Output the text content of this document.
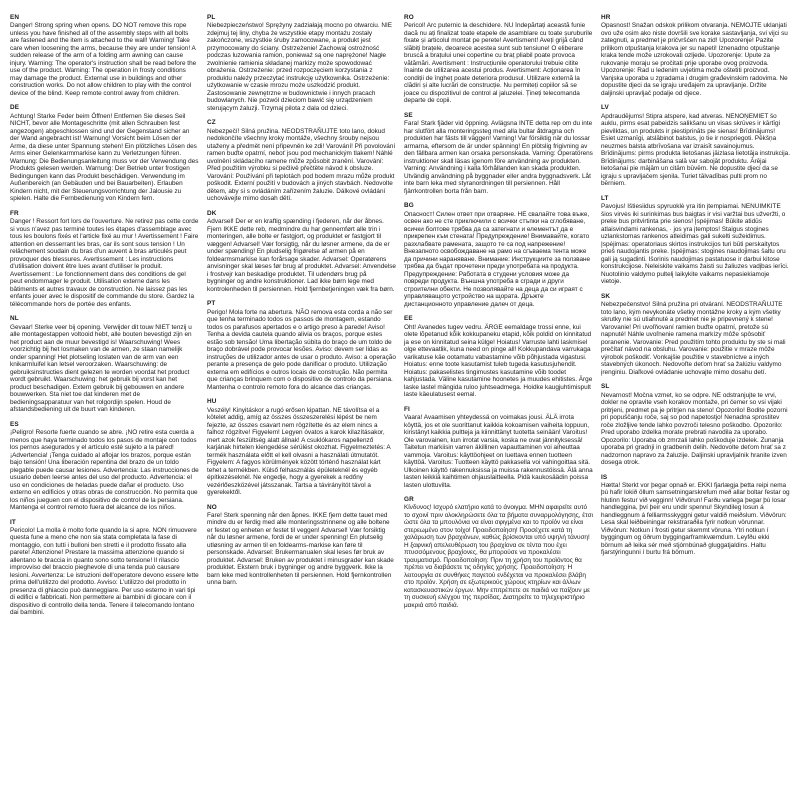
EN
Danger! Strong spring when opens. DO NOT remove this rope unless you have finished all of the assembly steps with all bolts are fastened and the item is attached to the wall! Warning! Take care when loosening the arms, because they are under tension! A sudden release of the arm of a folding arm awning can cause injury. Warning: The operator's instruction shall be read before the use of the product. Warning: The operation in frosty conditions may damage the product. External use in buildings and other construction works. Do not allow children to play with the control device of the blind. Keep remote control away from children.
DE
Achtung! Starke Feder beim Öffnen! Entfernen Sie dieses Seil NICHT, bevor alle Montageschritte (mit allen Schrauben fest angezogen) abgeschlossen sind und der Gegenstand sicher an der Wand angebracht ist! Warnung! Vorsicht beim Lösen der Arme, da diese unter Spannung stehen! Ein plötzliches Lösen des Arms einer Gelenkarmmarkise kann zu Verletzungen führen. Warnung: Die Bedienungsanleitung muss vor der Verwendung des Produkts gelesen werden. Warnung: Der Betrieb unter frostigen Bedingungen kann das Produkt beschädigen. Verwendung im Außenbereich (an Gebäuden und bei Bauarbeiten). Erlauben Kindern nicht, mit der Steuerungsvorrichtung der Jalousie zu spielen. Halte die Fernbedienung von Kindern fern.
FR
Danger ! Ressort fort lors de l'ouverture. Ne retirez pas cette corde si vous n'avez pas terminé toutes les étapes d'assemblage avec tous les boulons fixés et l'article fixé au mur ! Avertissement ! Faire attention en desserrant les bras, car ils sont sous tension ! Un relâchement soudain du bras d'un auvent à bras articulés peut provoquer des blessures. Avertissement : Les instructions d'utilisation doivent être lues avant d'utiliser le produit. Avertissement : Le fonctionnement dans des conditions de gel peut endommager le produit. Utilisation externe dans les bâtiments et autres travaux de construction. Ne laissez pas les enfants jouer avec le dispositif de commande du store. Gardez la télécommande hors de portée des enfants.
NL
Gevaar! Sterke veer bij opening. Verwijder dit touw NIET tenzij u alle montagestappen voltooid hebt, alle bouten bevestigd zijn en het product aan de muur bevestigd is! Waarschuwing! Wees voorzichtig bij het losmaken van de armen, ze staan namelijk onder spanning! Het plotseling loslaten van de arm van een knikarmluifel kan letsel veroorzaken. Waarschuwing: de gebruiksinstructies dient gelezen te worden voordat het product wordt gebruikt. Waarschuwing: het gebruik bij vorst kan het product beschadigen. Extern gebruik bij gebouwen en andere bouwwerken. Sta niet toe dat kinderen met de bedieningsapparatuur van het rolgordijn spelen. Houd de afstandsbediening uit de buurt van kinderen.
ES
¡Peligro! Resorte fuerte cuando se abre. ¡NO retire esta cuerda a menos que haya terminado todos los pasos de montaje con todos los pernos asegurados y el artículo esté sujeto a la pared! ¡Advertencia! ¡Tenga cuidado al aflojar los brazos, porque están bajo tensión! Una liberación repentina del brazo de un toldo plegable puede causar lesiones. Advertencia: Las instrucciones de usuario deben leerse antes del uso del producto. Advertencia: el uso en condiciones de heladas puede dañar el producto. Uso externo en edificios y otras obras de construcción. No permita que los niños jueguen con el dispositivo de control de la persiana. Mantenga el control remoto fuera del alcance de los niños.
IT
Pericolo! La molla è molto forte quando la si apre. NON rimuovere questa fune a meno che non sia stata completata la fase di montaggio, con tutti i bulloni ben stretti e il prodotto fissato alla parete! Attenzione! Prestare la massima attenzione quando si allentano le braccia in quanto sono sotto tensione! Il rilascio improvviso del braccio pieghevole di una tenda può causare lesioni. Avvertenza: Le istruzioni dell'operatore devono essere lette prima dell'utilizzo del prodotto. Avviso: L'utilizzo del prodotto in presenza di ghiaccio può danneggiare. Per uso esterno in vari tipi di edifici e fabbricati. Non permettere ai bambini di giocare con il dispositivo di controllo della tenda. Tenere il telecomando lontano dai bambini.
PL
Niebezpieczeństwo! Sprężyny zadziałają mocno po otwarciu. NIE zdejmuj tej liny, chyba że wszystkie etapy montażu zostały zakończone, wszystkie śruby zamocowane, a produkt jest przymocowany do ściany. Ostrzeżenie! Zachowaj ostrożność podczas luzowania ramion, ponieważ są one naprężone! Nagłe zwolnienie ramienia składanej markizy może spowodować obrażenia. Ostrzeżenie: przed rozpoczęciem korzystania z produktu należy przeczytać instrukcję użytkownika. Ostrzeżenie: użytkowanie w czasie mrozu może uszkodzić produkt. Zastosowanie zewnętrzne w budownictwie i innych pracach budowlanych. Nie pozwól dzieciom bawić się urządzeniem sterującym żaluzji. Trzymaj pilota z dala od dzieci.
CZ
Nebezpečí! Silná pružina. NEODSTRAŇUJTE toto lano, dokud nedokončíte všechny kroky montáže, všechny šrouby nejsou utaženy a předmět není připevněn ke zdi! Varování! Při povolování ramen buďte opatrní, neboť jsou pod mechanickým tlakem! Náhlé uvolnění skládacího ramene může způsobit zranění. Varování: Před použitím výrobku si pečlivě přečtěte návod k obsluze. Varování: Používání při teplotách pod bodem mrazu může produkt poškodit. Externí použití v budovách a jiných stavbách. Nedovolte dětem, aby si s ovládáním zařízením žaluzie. Dálkové ovládání uchovávejte mimo dosah dětí.
DK
Advarsel! Der er en kraftig spænding i fjederen, når der åbnes. Fjern IKKE dette reb, medmindre du har gennemført alle trin i monteringen, alle bolte er fastgjort, og produktet er fastgjort til væggen! Advarsel! Vær forsigtig, når du løsner armene, da de er under spænding! En pludselig frigørelse af armen på en foldearmsmarkise kan forårsage skader. Advarsel: Operatørens anvisninger skal læses før brug af produktet. Advarsel: Anvendelse i frostvejr kan beskadige produktet. Til udendørs brug på bygninger og andre konstruktioner. Lad ikke børn lege med kontrolenheden til persiennen. Hold fjernbetjeningen væk fra børn.
PT
Perigo! Mola forte na abertura. NÃO remova esta corda a não ser que tenha terminado todos os passos de montagem, estando todos os parafusos apertados e o artigo preso à parede! Aviso! Tenha a devida cautela quando alivia os braços, porque estes estão sob tensão! Uma libertação súbita do braço de um toldo de braço dobrável pode provocar lesões. Aviso: devem ser lidas as instruções de utilizador antes de usar o produto. Aviso: a operação perante a presença de gelo pode danificar o produto. Utilização externa em edifícios e outros locais de construção. Não permita que crianças brinquem com o dispositivo de controlo da persiana. Mantenha o controlo remoto fora do alcance das crianças.
HU
Veszély! Kinyitáskor a rugó erősen kipattan. NE távolítsa el a kötelet addig, amíg az összes összeszerelési lépést be nem fejezte, az összes csavart nem rögzítette és az elem nincs a falhoz rögzítve! Figyelem! Legyen óvatos a karok kilazításakor, mert azok feszültség alatt állnak! A csuklókaros napellenző karjának hirtelen kiengedése sérülést okozhat. Figyelmeztetés: A termék használata előtt el kell olvasni a használati útmutatót. Figyelem: A fagyos körülmények között történő használat kárt tehet a termékben. Külső felhasználás épületeknél és egyéb építkezéseknél. Ne engedje, hogy a gyerekek a redőny vezérlőeszközével játsszanak. Tartsa a távirányítót távol a gyerekektől.
NO
Fare! Sterk spenning når den åpnes. IKKE fjern dette tauet med mindre du er ferdig med alle monteringsstrinnene og alle boltene er festet og enheten er festet til veggen! Advarsel! Vær forsiktig når du løsner armene, fordi de er under spenning! En plutselig utløsning av armen til en foldearms-markise kan føre til personskade. Advarsel: Brukermanualen skal leses før bruk av produktet. Advarsel: Bruken av produktet i minusgrader kan skade produktet. Ekstern bruk i bygninger og andre byggverk. Ikke la barn leke med kontrollenheten til persiennen. Hold fjernkontrollen unna barn.
RO
Pericol! Arc puternic la deschidere. NU îndepărtați această funie dacă nu ați finalizat toate etapele de asamblare cu toate șuruburile fixate și articolul montat pe perete! Avertisment! Aveți grijă când slăbiți brațele, deoarece acestea sunt sub tensiune! O eliberare bruscă a brațului unei copertine cu braț pliabil poate provoca vătămări. Avertisment : Instrucțiunile operatorului trebuie citite înainte de utilizarea acestui produs. Avertisment: Acționarea în condiții de îngheț poate deteriora produsul. Utilizare externă la clădiri și alte lucrări de construcție. Nu permiteți copiilor să se joace cu dispozitivul de control al jaluzelei. Țineți telecomanda departe de copii.
SE
Fara! Stark fjäder vid öppning. Avlägsna INTE detta rep om du inte har slutfört alla monteringssteg med alla bultar åtdragna och produkten har fästs till väggen! Varning! Var försiktig när du lossar armarna, eftersom de är under spänning! En plötslig frigivning av den fällbara armen kan orsaka personskada. Varning: Operatörens instruktioner skall läsas igenom före användning av produkten. Varning: Användning i kalla förhållanden kan skada produkten. Utvändig användning på byggnader eller andra byggnadsverk. Låt inte barn leka med styranordningen till persiennen. Håll fjärrkontrollen borta från barn.
BG
Опасност! Силен ответ при отваряне. НЕ свалайте това въже, освен ако не сте приключили с всички стъпки на сглобяване, всички болтове трябва да са затегнати и елементът да е прикрепен към стената! Предупреждение! Внимавайте, когато разхлабвате рамената, защото те са под напрежение! Внезапното освобождаване на рамо на сгъваема тента може да причини нараняване. Внимание: Инструкциите за ползване трябва да бъдат прочетени преди употребата на продукта. Предупреждение: Работата в студени условия може да повреди продукта. Външна употреба в сгради и други строителни обекти. Не позволявайте на деца да си играят с управляващото устройство на щората. Дръжте дистанционното управление далеч от деца.
EE
Oht! Avanedes tugev vedru. ÄRGE eemaldage trossi enne, kui olete lõpetanud kõik kokkupaneku etapid, kõik poldid on kinnitatud ja ese on kinnitatud seina külge! Hoiatus! Varruste lahti laskmisel olge ettevaatlik, kuna need on pinge all! Kokkupandava varrukaga varikatuse käe ootamatu vabastamine võib põhjustada vigastusi. Hoiatus: enne toote kasutamist tuleb tugeda kasutusjuhendit. Hoiatus: pakaselistes tingimustes kasutamine võib toodet kahjustada. Väline kasutamine hoonetes ja muudes ehitistes. Ärge laske lastel mängida ruloo juhtseadmega. Hoidke kaugjuhtimispult laste käeulatusest eemal.
FI
Vaara! Avaamisen yhteydessä on voimakas jousi. ÄLÄ irrota köyttä, jos et ole suorittanut kaikkia kokoamisen vaiheita loppuun, kiristänyt kaikkia pultteja ja kiinnittänyt tuotetta seinään! Varoitus! Ole varovainen, kun irrotat varsia, koska ne ovat jännityksessä! Taitetun markiisin varren äkillinen vapauttaminen voi aiheuttaa vammoja. Varoitus: käyttöohjeet on luettava ennen tuotteen käyttöä. Varoitus: Tuotteen käyttö pakkasella voi vahingoittaa sitä. Ulkoinen käyttö rakennuksissa ja muissa rakennustöissä. Älä anna lasten leikkiä kaihtimen ohjauslaitteella. Pidä kaukosäädin poissa lasten ulottuvilta.
GR
Κίνδυνος! Ισχυρό ελατήριο κατά το άνοιγμα. ΜΗΝ αφαιρείτε αυτό το σχοινί πριν ολοκληρώσετε όλα τα βήματα συναρμολόγησης, έτσι ώστε όλα τα μπουλόνια να είναι σφιγμένα και το προϊόν να είναι στερεωμένο στον τοίχο! Προειδοποίηση! Προσέχετε κατά τη χαλάρωση των βραχιόνων, καθώς βρίσκονται υπό υψηλή τάνυση! Η ξαφνική απελευθέρωση του βραχίονα σε τέντα που έχει πτυσσόμενους βραχίονες, θα μπορούσε να προκαλέσει τραυματισμό. Προειδοποίηση: Πριν τη χρήση του προϊόντος θα πρέπει να διαβάσετε τις οδηγίες χρήσης. Προειδοποίηση: Η λειτουργία σε συνθήκες παγετού ενδέχεται να προκαλέσει βλάβη στο προϊόν. Χρήση σε εξωτερικούς χώρους κτηρίων και άλλων κατασκευαστικών έργων. Μην επιτρέπετε σε παιδιά να παίζουν με τη συσκευή ελέγχου της περσίδας. Διατηρείτε το τηλεχειριστήριο μακριά από παιδιά.
HR
Opasnost! Snažan odskok prilikom otvaranja. NEMOJTE uklanjati ovo uže osim ako niste dovršili sve korake sastavljanja, svi vijci su zategnuti, a predmet je pričvršćen na zid! Upozorenje! Pazite prilikom otpuštanja krakova jer su napeti! Iznenadno otpuštanje kraka tende može uzrokovati ozljede. Upozorenje: Upute za rukovanje moraju se pročitati prije uporabe ovog proizvoda. Upozorenje: Rad u ledenim uvjetima može oštetiti proizvod. Vanjska uporaba u zgradama i drugim građevinskim radovima. Ne dopustite djeci da se igraju uređajem za upravljanje. Držite daljinski upravljač podalje od djece.
LV
Apdraudējums! Stipra atspere, kad atveras. NENOŅEMIET šo auklu, pirms esat pabeidzis salikšanu un visas skrūves ir kārtīgi pievilktas, un produkts ir piestiprināts pie sienas! Brīdinājums! Esiet uzmanīgi, atslābinot balstus, jo tie ir nospriegoti. Pēkšņa neuzmes balsta atbrīvošana var izraisīt savainojumus. Brīdinājums: pirms produkta lietošanas jāizlasa lietotāja instrukcija. Brīdinājums: darbināšana salā var sabojāt produktu. Ārējai lietošanai pie mājām un citām būvēm. Ne dopustite djeci da se igraju s upravljačem sjenila. Turiet tālvadības pulti prom no bērniem.
LT
Pavojus! Ištiesiidus spyruoklė yra itin įtempiamai. NENUIMKITE šios virvės iki surinkimas bus baigtas ir visi varžtai bus užveržti, o preke bus pritvirtinta prie sienos! Įspėjimas! Būkite atidūs atlaisvindami rankenas, · jos yra įtemptos! Staigus stogines uzlankstomas rankenos atleidimas gali sukelti sužeidimus. Įspėjimas: operatoriaus skirtos instrukcijos turi būti perskaitytos prieš naudojantis preke. Įspėjimas: stogines naudojimas šaltu oru gali ją sugadinti. Išorinis naudojimas pastatuose ir darbui kitose konstrukcijose. Neleiskite vaikams žaisti su žaliuzes vadįbas ierīci. Nuotolinio valdymo pultelį laikykite vaikams nepasiekiamoje vietoje.
SK
Nebezpečenstvo! Silná pružina pri otváraní. NEODSTRAŇUJTE toto lano, kým nevykonáte všetky montážne kroky a kým všetky skrutky nie sú utiahnuté a predmet nie je pripevnený k stene! Varovanie! Pri uvoľňovaní ramien buďte opatrní, pretože sú napnuté! Náhle uvoľnenie ramena markízy môže spôsobiť poranenie. Varovanie: Pred použitím tohto produktu by ste si mali prečítať návod na obsluhu. Varovanie: použitie v mraze môže výrobok poškodiť. Vonkajšie použitie v stavebníctve a iných stavebných úkonoch. Nedovoľte deťom hrať sa žalúziu valdymo įrenginiu. Diaľkové ovládanie uchovajte mimo dosahu detí.
SL
Nevarnost! Močna vzmet, ko se odpre. NE odstranjujte te vrvi, dokler ne opravite vseh korakov montaže, pri čemer so vsi vijaki pritrjeni, predmet pa je pritrjen na steno! Opozorilo! Bodite pozorni pri popuščanju roče, saj so pod napetostjo! Nenadna sprostitev roče zložljive tende lahko povzroči telesno poškodbo. Opozorilo: Pred uporabo izdelka morate prebrati navodila za uporabo. Opozorilo: Uporaba ob zmrzali lahko poškoduje izdelek. Zunanja uporaba pri gradnji in gradbenih delih. Nedovolte deťom hrať sa z nadzornon napravo za žaluzije. Daljinski upravljalnik hranite izven dosega otrok.
IS
Hætta! Sterkt vor þegar opnað er. EKKI fjarlægja þetta reipi nema þú hafir lokið öllum samsetningarskrefum með allar boltar festar og hlutinn festur við vegginn! Viðvörun! Farðu varlega þegar þú losar handleggina, því þeir eru undir spennu! Skyndileg losun á handleggnum á felliarmsskyggni getur valdið meiðslum. Viðvörun: Lesa skal leiðbeiningar rekstraraðila fyrir notkun vörunnar. Viðvörun: Notkun í frosti getur skemmt vöruna. Ytri notkun í byggingum og öðrum byggingarframkvæmdum. Leyfðu ekki börnum að leika sér með stjórnbúnað gluggatjaldins. Haltu fjarstýringunni í burtu frá börnum.
